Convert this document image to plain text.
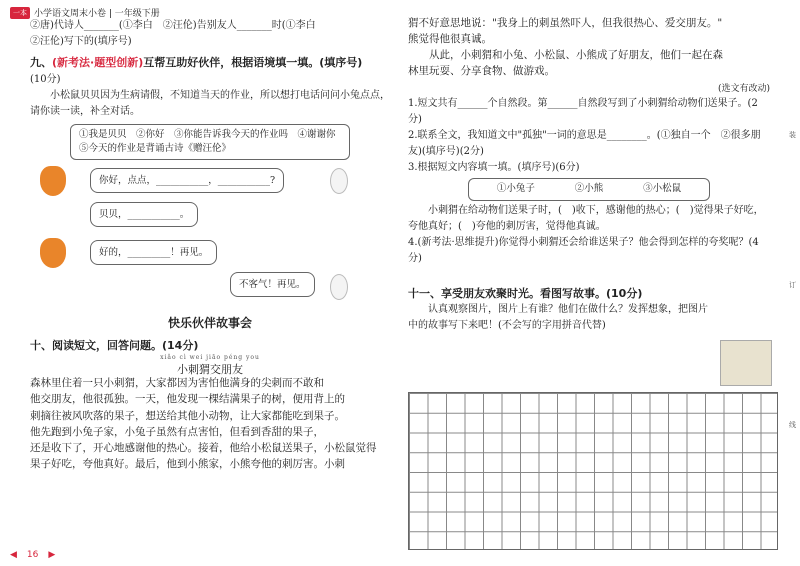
一本 小学语文周末小卷 | 一年级下册
②唐)代诗人_______(①李白　②汪伦)告别友人_______时(①李白
②汪伦)写下的(填序号)
九、(新考法·题型创新)互帮互助好伙伴，根据语境填一填。(填序号)
(10分)
小松鼠贝贝因为生病请假，不知道当天的作业，所以想打电话问问小兔点点，请你读一读，补全对话。
①我是贝贝　②你好　③你能告诉我今天的作业吗　④谢谢你　⑤今天的作业是背诵古诗《赠汪伦》
你好，点点，___________，___________?
贝贝，___________。
好的，_________！再见。
不客气！再见。
快乐伙伴故事会
十、阅读短文，回答问题。(14分)
xiǎo cì wei jiāo péng you
小刺猬交朋友
森林里住着一只小刺猬，大家都因为害怕他满身的尖刺而不敢和
他交朋友，他很孤独。一天，他发现一棵结满果子的树，便用背上的
刺摘往被风吹落的果子，想送给其他小动物，让大家都能吃到果子。
他先跑到小兔子家，小兔子虽然有点害怕，但看到香甜的果子，
还是收下了，开心地感谢他的热心。接着，他给小松鼠送果子，小松鼠觉得
果子好吃，夸他真好。最后，他到小熊家，小熊夸他的刺厉害。小刺
◀ 16 ▶
猬不好意思地说："我身上的刺虽然吓人，但我很热心、爱交朋友。"
熊觉得他很真诚。
从此，小刺猬和小兔、小松鼠、小熊成了好朋友，他们一起在森
林里玩耍、分享食物、做游戏。
(选文有改动)
1.短文共有______个自然段。第______自然段写到了小刺猬给动物们送果子。(2分)
2.联系全文，我知道文中"孤独"一词的意思是________。(①独自一个　②很多朋友)(填序号)(2分)
3.根据短文内容填一填。(填序号)(6分)
①小兔子	②小熊	③小松鼠
小刺猬在给动物们送果子时，(　)收下，感谢他的热心；(　)觉得果子好吃，夸他真好；(　)夸他的刺厉害，觉得他真诚。
4.(新考法·思维提升)你觉得小刺猬还会给谁送果子？他会得到怎样的夸奖呢？(4分)
十一、享受朋友欢聚时光。看图写故事。(10分)
认真观察图片，图片上有谁？他们在做什么？发挥想象，把图片中的故事写下来吧！(不会写的字用拼音代替)
装
订
线
